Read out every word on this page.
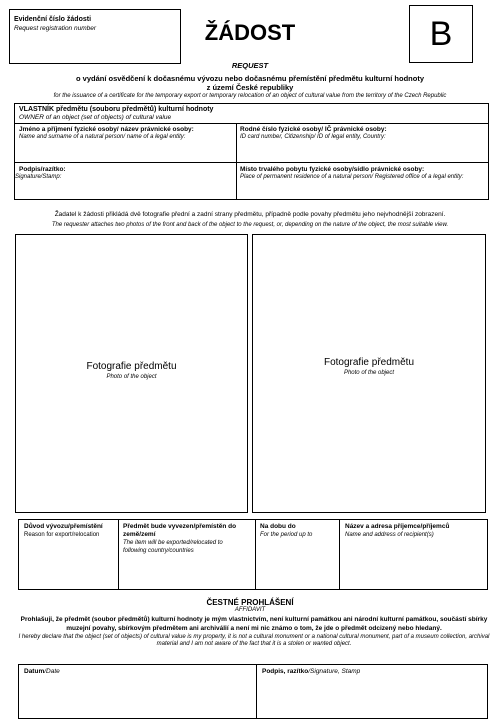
Evidenční číslo žádosti
Request registration number	ŽÁDOST	B
REQUEST
o vydání osvědčení k dočasnému vývozu nebo dočasnému přemístění předmětu kulturní hodnoty
z území České republiky
for the issuance of a certificate for the temporary export or temporary relocation of an object of cultural value from the territory of the Czech Republic
VLASTNÍK předmětu (souboru předmětů) kulturní hodnoty
OWNER of an object (set of objects) of cultural value
Jméno a příjmení fyzické osoby/ název právnické osoby:
Name and surname of a natural person/ name of a legal entity:
Rodné číslo fyzické osoby/ IČ právnické osoby:
ID card number, Citizenship/ ID of legal entity, Country:
Podpis/razítko:
Signature/Stamp:
Místo trvalého pobytu fyzické osoby/sídlo právnické osoby:
Place of permanent residence of a natural person/ Registered office of a legal entity:
Žadatel k žádosti přikládá dvě fotografie přední a zadní strany předmětu, případně podle povahy předmětu jeho nejvhodnější zobrazení.
The requester attaches two photos of the front and back of the object to the request, or, depending on the nature of the object, the most suitable view.
Fotografie předmětu
Photo of the object
Fotografie předmětu
Photo of the object
Důvod vývozu/přemístění
Reason for export/relocation
Předmět bude vyvezen/přemístěn do země/zemí
The item will be exported/relocated to following country/countries
Na dobu do
For the period up to
Název a adresa příjemce/příjemců
Name and address of recipient(s)
ČESTNÉ PROHLÁŠENÍ
AFFIDAVIT
Prohlašuji, že předmět (soubor předmětů) kulturní hodnoty je mým vlastnictvím, není kulturní památkou ani národní kulturní památkou, součástí sbírky muzejní povahy, sbírkovým předmětem ani archiválií a není mi nic známo o tom, že jde o předmět odcizený nebo hledaný.
I hereby declare that the object (set of objects) of cultural value is my property, it is not a cultural monument or a national cultural monument, part of a museum collection, archival material and I am not aware of the fact that it is a stolen or wanted object.
Datum/Date	Podpis, razítko/Signature, Stamp
